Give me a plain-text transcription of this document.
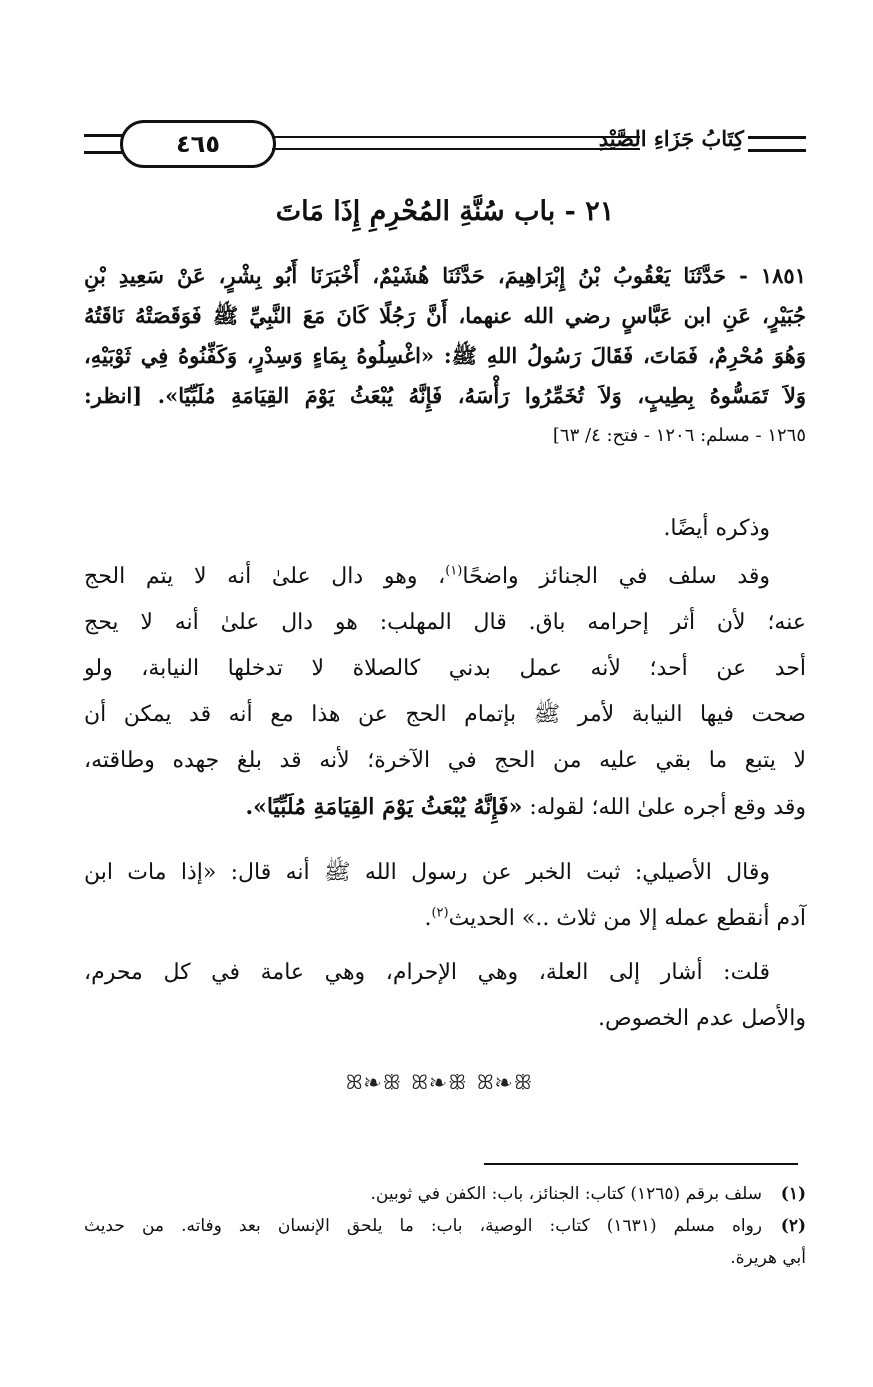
٤٦٥	كِتَابُ جَزَاءِ الصَّيْدِ
٢١ - باب سُنَّةِ المُحْرِمِ إِذَا مَاتَ
١٨٥١ - حَدَّثَنَا يَعْقُوبُ بْنُ إِبْرَاهِيمَ، حَدَّثَنَا هُشَيْمٌ، أَخْبَرَنَا أَبُو بِشْرٍ، عَنْ سَعِيدِ بْنِ
جُبَيْرٍ، عَنِ ابن عَبَّاسٍ رضي الله عنهما، أَنَّ رَجُلًا كَانَ مَعَ النَّبِيِّ ﷺ فَوَقَصَتْهُ نَاقَتُهُ
وَهُوَ مُحْرِمٌ، فَمَاتَ، فَقَالَ رَسُولُ اللهِ ﷺ: «اغْسِلُوهُ بِمَاءٍ وَسِدْرٍ، وَكَفِّنُوهُ فِي ثَوْبَيْهِ،
وَلاَ تَمَسُّوهُ بِطِيبٍ، وَلاَ تُخَمِّرُوا رَأْسَهُ، فَإِنَّهُ يُبْعَثُ يَوْمَ القِيَامَةِ مُلَبِّيًا». [انظر:
١٢٦٥ - مسلم: ١٢٠٦ - فتح: ٤/ ٦٣]
وذكره أيضًا.
وقد سلف في الجنائز واضحًا$^{(١)}$، وهو دال علىٰ أنه لا يتم الحج
عنه؛ لأن أثر إحرامه باق. قال المهلب: هو دال علىٰ أنه لا يحج
أحد عن أحد؛ لأنه عمل بدني كالصلاة لا تدخلها النيابة، ولو
صحت فيها النيابة لأمر ﷺ بإتمام الحج عن هذا مع أنه قد يمكن أن
لا يتبع ما بقي عليه من الحج في الآخرة؛ لأنه قد بلغ جهده وطاقته،
وقد وقع أجره علىٰ الله؛ لقوله: «فَإِنَّهُ يُبْعَثُ يَوْمَ القِيَامَةِ مُلَبِّيًا».
وقال الأصيلي: ثبت الخبر عن رسول الله ﷺ أنه قال: «إذا مات ابن
آدم أنقطع عمله إلا من ثلاث ..» الحديث$^{(٢)}$.
قلت: أشار إلى العلة، وهي الإحرام، وهي عامة في كل محرم،
والأصل عدم الخصوص.
ꕤ❧ꕥ ꕤ❧ꕥ ꕤ❧ꕥ
(١)
سلف برقم (١٢٦٥) كتاب: الجنائز، باب: الكفن في ثوبين.
(٢)
رواه مسلم (١٦٣١) كتاب: الوصية، باب: ما يلحق الإنسان بعد وفاته. من حديث
أبي هريرة.
